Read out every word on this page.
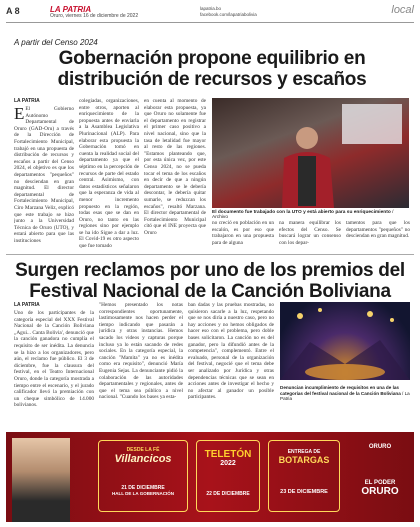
A 8	LA PATRIA
Oruro, viernes 16 de diciembre de 2022
lapatria.bo
facebook.com/lapatriabolivia	local
A partir del Censo 2024
Gobernación propone equilibrio en distribución de recursos y escaños
LA PATRIA
E El Gobierno Autónomo Departamental de Oruro (GAD-Oru) a través de la Dirección de Fortalecimiento Municipal, trabajó en una propuesta de distribución de recursos y escaños a partir del Censo 2024, el objetivo es que los departamentos "pequeños" no desciendan en gran magnitud. El director departamental de Fortalecimiento Municipal, Ciro Marzana Veliz, explicó que este trabajo se hizo junto a la Universidad Técnica de Oruro (UTO), y estará abierto para que las instituciones
colegiadas, organizaciones, entre otros, aporten al enriquecimiento de la propuesta antes de enviarla a la Asamblea Legislativa Plurinacional (ALP). Para elaborar esta propuesta la Gobernación tomó en cuenta la realidad social del departamento ya que el séptimo en la percepción de recursos de parte del estado central. Asimismo, con datos estadísticos señalaron que la esperanza de vida al menor incremento propuesto en la región, todas esas que se dan en Oruro, no tanto en las regiones sino por ejemplo se ha ido Sigue a dar a luz. El Covid-19 es otro aspecto que fue tomado
en cuenta al momento de elaborar esta propuesta, ya que Oruro no solamente fue el departamento en registrar el primer caso positivo a nivel nacional, sino que la tasa de letalidad fue mayor al resto de las regiones. "Estamos planteando que, por esta única vez, por este Censo 2024, no se pueda tocar el tema de los escaños en decir de que a ningún departamento se le debería descontar, le debería quitar sumarle, se reduzcan los escaños", resaltó Marzana. El director departamental de Fortalecimiento Municipal citó que el INE proyecta que Oruro
El documento fue trabajado con la UTO y está abierto para su enriquecimiento / Archivo
no creció en población en un escalón, es por eso que trabajaron en una propuesta para de alguna
na manera equilibrar los efectos del Censo. Se buscará lograr un consenso con los depar-
tamentos para que los departamentos "pequeños" no desciendan en gran magnitud.
Surgen reclamos por uno de los premios del Festival Nacional de la Canción Boliviana
LA PATRIA
Uno de los participantes de la categoría especial del XXX Festival Nacional de la Canción Boliviana „Agui... Canta Bolivia', denunció que la canción ganadora no cumplía el requisito de ser inédita. La denuncia se la hizo a los organizadores, pero aún, el reclamo fue público. El 3 de diciembre, fue la clausura del festival, en el Teatro Internacional Oruro, donde la categoría mostrada a tiempo entre el escenario, y el jurado calificador llevó la premiación con un cheque simbólico de 14.000 bolivianos.
"Hemos presentado los notas correspondientes oportunamente, lastimosamente nos hacen perder el tiempo indicando que pasarán a jurídica y otras instancias. Hemos sacado los videos y capturas porque incluso ya lo están sacando de redes sociales. En la categoría especial, la canción "Mamita" ya no es inédita como era requisito", denunció María Eugenia Sejas. La denunciante pidió la colaboración de las autoridades departamentales y regionales, antes de que el tema sea público a nivel nacional. "Cuando los bases ya esta-
ban dadas y las pruebas mostradas, no quisieron sacarle a la luz, respetando que se nos diría a nuestro caso, pero no hay acciones y no hemos obligados de hacer eso con el problema, pero doble bases solicitaron. La canción no es del ganador, pero la difundió antes de la competencia", complementó. Entre el evaluado, personal de la organización del festival, negocié que el tema debe ser analizado por Jurídica y otras dependencias técnicas que se sean en acciones antes de investigar el hecho y no afectar al ganador un posible participantes.
Denuncian incumplimiento de requisitos en una de las categorías del festival nacional de la Canción Boliviana / La Patria
DESDE LA FÉ
Villancicos
21 DE DICIEMBRE
HALL DE LA GOBERNACIÓN
TELETÓN
2022
22 DE DICIEMBRE
ENTREGA DE
BOTARGAS
23 DE DICIEMBRE
ORURO
EL PODER
ORURO
